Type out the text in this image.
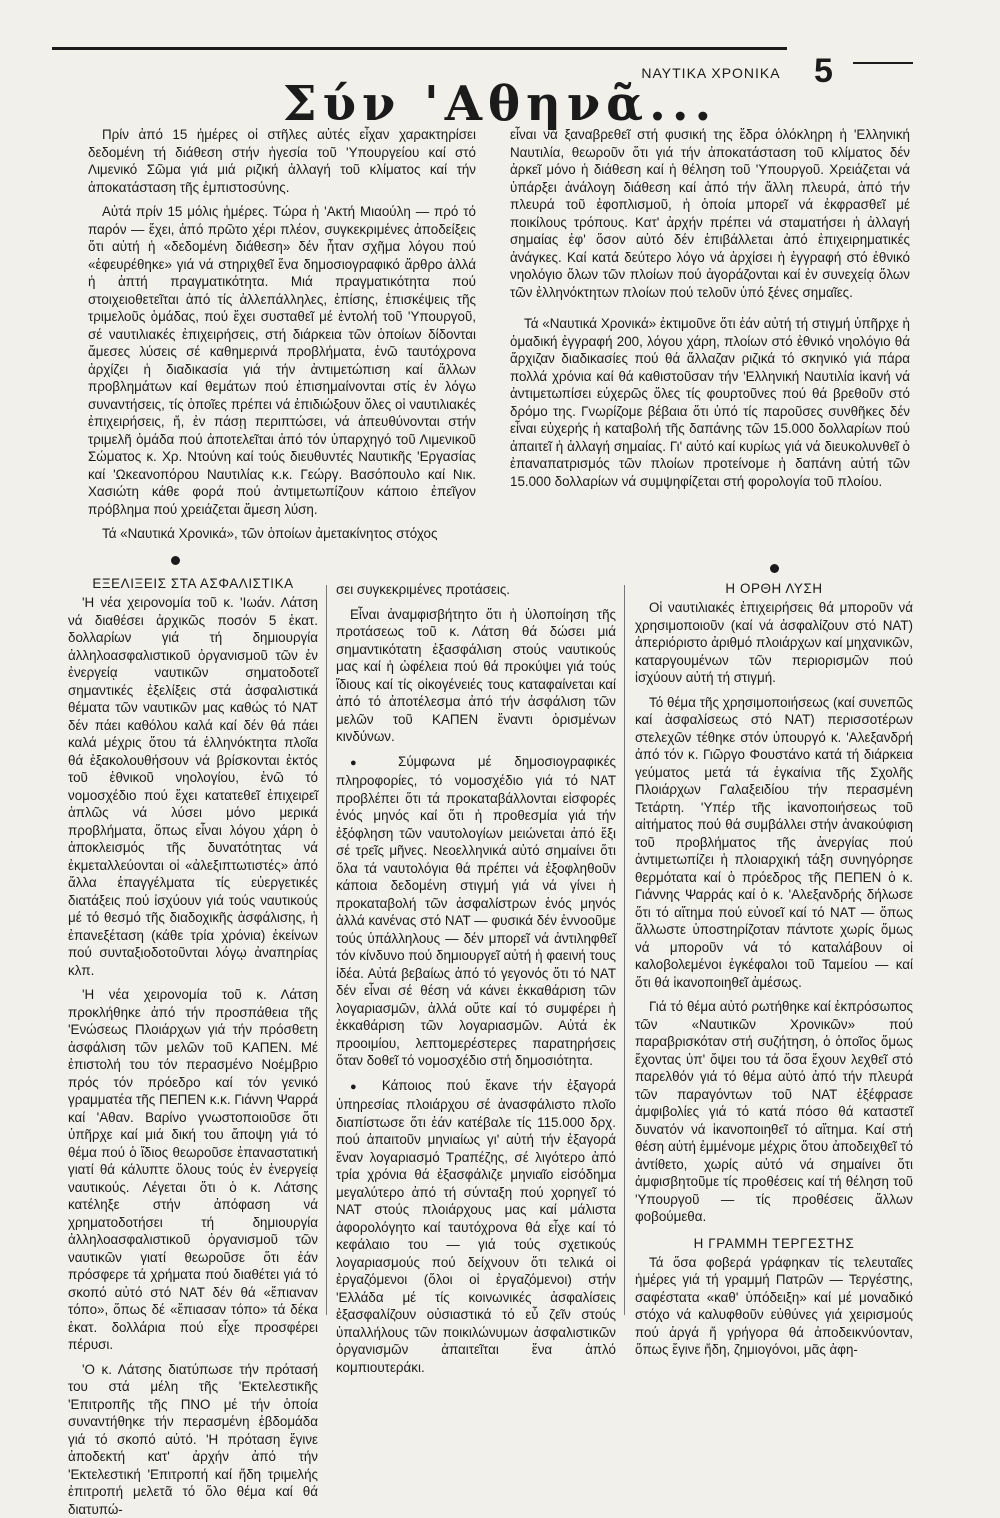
ΝΑΥΤΙΚΑ ΧΡΟΝΙΚΑ 5
Σύν 'Αθηνᾶ...

Πρίν ἀπό 15 ἡμέρες οἱ στῆλες αὐτές εἶχαν χαρακτηρίσει δεδομένη τή διάθεση στήν ἡγεσία τοῦ 'Υπουργείου καί στό Λιμενικό Σῶμα γιά μιά ριζική ἀλλαγή τοῦ κλίματος καί τήν ἀποκατάσταση τῆς ἐμπιστοσύνης.

Αὐτά πρίν 15 μόλις ἡμέρες. Τώρα ἡ 'Ακτή Μιαούλη — πρό τό παρόν — ἔχει, ἀπό πρῶτο χέρι πλέον, συγκεκριμένες ἀποδείξεις ὅτι αὐτή ἡ «δεδομένη διάθεση» δέν ἦταν σχῆμα λόγου πού «ἐφευρέθηκε» γιά νά στηριχθεῖ ἕνα δημοσιογραφικό ἄρθρο ἀλλά ἡ ἁπτή πραγματικότητα. Μιά πραγματικότητα πού στοιχειοθετεῖται ἀπό τίς ἀλλεπάλληλες, ἐπίσης, ἐπισκέψεις τῆς τριμελοῦς ὁμάδας, πού ἔχει συσταθεῖ μέ ἐντολή τοῦ 'Υπουργοῦ, σέ ναυτιλιακές ἐπιχειρήσεις, στή διάρκεια τῶν ὁποίων δίδονται ἄμεσες λύσεις σέ καθημερινά προβλήματα, ἐνῶ ταυτόχρονα ἀρχίζει ἡ διαδικασία γιά τήν ἀντιμετώπιση καί ἄλλων προβλημάτων καί θεμάτων πού ἐπισημαίνονται στίς ἐν λόγω συναντήσεις, τίς ὁποῖες πρέπει νά ἐπιδιώξουν ὅλες οἱ ναυτιλιακές ἐπιχειρήσεις, ἤ, ἐν πάσῃ περιπτώσει, νά ἀπευθύνονται στήν τριμελῆ ὁμάδα πού ἀποτελεῖται ἀπό τόν ὑπαρχηγό τοῦ Λιμενικοῦ Σώματος κ. Χρ. Ντούνη καί τούς διευθυντές Ναυτικῆς 'Εργασίας καί 'Ωκεανοπόρου Ναυτιλίας κ.κ. Γεώργ. Βασόπουλο καί Νικ. Χασιώτη κάθε φορά πού ἀντιμετωπίζουν κάποιο ἐπεῖγον πρόβλημα πού χρειάζεται ἄμεση λύση.

Τά «Ναυτικά Χρονικά», τῶν ὁποίων ἀμετακίνητος στόχος

εἶναι νά ξαναβρεθεῖ στή φυσική της ἕδρα ὁλόκληρη ἡ 'Ελληνική Ναυτιλία, θεωροῦν ὅτι γιά τήν ἀποκατάσταση τοῦ κλίματος δέν ἀρκεῖ μόνο ἡ διάθεση καί ἡ θέληση τοῦ 'Υπουργοῦ. Χρειάζεται νά ὑπάρξει ἀνάλογη διάθεση καί ἀπό τήν ἄλλη πλευρά, ἀπό τήν πλευρά τοῦ ἐφοπλισμοῦ, ἡ ὁποία μπορεῖ νά ἐκφρασθεῖ μέ ποικίλους τρόπους. Κατ' ἀρχήν πρέπει νά σταματήσει ἡ ἀλλαγή σημαίας ἐφ' ὅσον αὐτό δέν ἐπιβάλλεται ἀπό ἐπιχειρηματικές ἀνάγκες. Καί κατά δεύτερο λόγο νά ἀρχίσει ἡ ἐγγραφή στό ἐθνικό νηολόγιο ὅλων τῶν πλοίων πού ἀγοράζονται καί ἐν συνεχείᾳ ὅλων τῶν ἑλληνόκτητων πλοίων πού τελοῦν ὑπό ξένες σημαῖες.

Τά «Ναυτικά Χρονικά» ἐκτιμοῦνε ὅτι ἐάν αὐτή τή στιγμή ὑπῆρχε ἡ ὁμαδική ἐγγραφή 200, λόγου χάρη, πλοίων στό ἐθνικό νηολόγιο θά ἄρχιζαν διαδικασίες πού θά ἄλλαζαν ριζικά τό σκηνικό γιά πάρα πολλά χρόνια καί θά καθιστοῦσαν τήν 'Ελληνική Ναυτιλία ἱκανή νά ἀντιμετωπίσει εὐχερῶς ὅλες τίς φουρτοῦνες πού θά βρεθοῦν στό δρόμο της. Γνωρίζομε βέβαια ὅτι ὑπό τίς παροῦσες συνθῆκες δέν εἶναι εὐχερής ἡ καταβολή τῆς δαπάνης τῶν 15.000 δολλαρίων πού ἀπαιτεῖ ἡ ἀλλαγή σημαίας. Γι' αὐτό καί κυρίως γιά νά διευκολυνθεῖ ὁ ἐπαναπατρισμός τῶν πλοίων προτείνομε ἡ δαπάνη αὐτή τῶν 15.000 δολλαρίων νά συμψηφίζεται στή φορολογία τοῦ πλοίου.

ΕΞΕΛΙΞΕΙΣ ΣΤΑ ΑΣΦΑΛΙΣΤΙΚΑ

'Η νέα χειρονομία τοῦ κ. 'Ιωάν. Λάτση νά διαθέσει ἀρχικῶς ποσόν 5 ἑκατ. δολλαρίων γιά τή δημιουργία ἀλληλοασφαλιστικοῦ ὀργανισμοῦ τῶν ἐν ἐνεργείᾳ ναυτικῶν σηματοδοτεῖ σημαντικές ἐξελίξεις στά ἀσφαλιστικά θέματα τῶν ναυτικῶν μας καθώς τό ΝΑΤ δέν πάει καθόλου καλά καί δέν θά πάει καλά μέχρις ὅτου τά ἑλληνόκτητα πλοῖα θά ἐξακολουθήσουν νά βρίσκονται ἐκτός τοῦ ἐθνικοῦ νηολογίου, ἐνῶ τό νομοσχέδιο πού ἔχει κατατεθεῖ ἐπιχειρεῖ ἁπλῶς νά λύσει μόνο μερικά προβλήματα, ὅπως εἶναι λόγου χάρη ὁ ἀποκλεισμός τῆς δυνατότητας νά ἐκμεταλλεύονται οἱ «ἀλεξιπτωτιστές» ἀπό ἄλλα ἐπαγγέλματα τίς εὐεργετικές διατάξεις πού ἰσχύουν γιά τούς ναυτικούς μέ τό θεσμό τῆς διαδοχικῆς ἀσφάλισης, ἡ ἐπανεξέταση (κάθε τρία χρόνια) ἐκείνων πού συνταξιοδοτοῦνται λόγῳ ἀναπηρίας κλπ.

'Η νέα χειρονομία τοῦ κ. Λάτση προκλήθηκε ἀπό τήν προσπάθεια τῆς 'Ενώσεως Πλοιάρχων γιά τήν πρόσθετη ἀσφάλιση τῶν μελῶν τοῦ ΚΑΠΕΝ. Μέ ἐπιστολή του τόν περασμένο Νοέμβριο πρός τόν πρόεδρο καί τόν γενικό γραμματέα τῆς ΠΕΠΕΝ κ.κ. Γιάννη Ψαρρά καί 'Αθαν. Βαρίνο γνωστοποιοῦσε ὅτι ὑπῆρχε καί μιά δική του ἄποψη γιά τό θέμα πού ὁ ἴδιος θεωροῦσε ἐπαναστατική γιατί θά κάλυπτε ὅλους τούς ἐν ἐνεργείᾳ ναυτικούς. Λέγεται ὅτι ὁ κ. Λάτσης κατέληξε στήν ἀπόφαση νά χρηματοδοτήσει τή δημιουργία ἀλληλοασφαλιστικοῦ ὀργανισμοῦ τῶν ναυτικῶν γιατί θεωροῦσε ὅτι ἐάν πρόσφερε τά χρήματα πού διαθέτει γιά τό σκοπό αὐτό στό ΝΑΤ δέν θά «ἔπιαναν τόπο», ὅπως δέ «ἔπιασαν τόπο» τά δέκα ἑκατ. δολλάρια πού εἶχε προσφέρει πέρυσι.

'Ο κ. Λάτσης διατύπωσε τήν πρότασή του στά μέλη τῆς 'Εκτελεστικῆς 'Επιτροπῆς τῆς ΠΝΟ μέ τήν ὁποία συναντήθηκε τήν περασμένη ἑβδομάδα γιά τό σκοπό αὐτό. 'Η πρόταση ἔγινε ἀποδεκτή κατ' ἀρχήν ἀπό τήν 'Εκτελεστική 'Επιτροπή καί ἤδη τριμελής ἐπιτροπή μελετᾶ τό ὅλο θέμα καί θά διατυπώ-

σει συγκεκριμένες προτάσεις.

Εἶναι ἀναμφισβήτητο ὅτι ἡ ὑλοποίηση τῆς προτάσεως τοῦ κ. Λάτση θά δώσει μιά σημαντικότατη ἐξασφάλιση στούς ναυτικούς μας καί ἡ ὠφέλεια πού θά προκύψει γιά τούς ἴδιους καί τίς οἰκογένειές τους καταφαίνεται καί ἀπό τό ἀποτέλεσμα ἀπό τήν ἀσφάλιση τῶν μελῶν τοῦ ΚΑΠΕΝ ἔναντι ὁρισμένων κινδύνων.

● Σύμφωνα μέ δημοσιογραφικές πληροφορίες, τό νομοσχέδιο γιά τό ΝΑΤ προβλέπει ὅτι τά προκαταβάλλονται εἰσφορές ἑνός μηνός καί ὅτι ἡ προθεσμία γιά τήν ἐξόφληση τῶν ναυτολογίων μειώνεται ἀπό ἕξι σέ τρεῖς μῆνες. Νεοελληνικά αὐτό σημαίνει ὅτι ὅλα τά ναυτολόγια θά πρέπει νά ἐξοφληθοῦν κάποια δεδομένη στιγμή γιά νά γίνει ἡ προκαταβολή τῶν ἀσφαλίστρων ἑνός μηνός ἀλλά κανένας στό ΝΑΤ — φυσικά δέν ἐννοοῦμε τούς ὑπάλληλους — δέν μπορεῖ νά ἀντιληφθεῖ τόν κίνδυνο πού δημιουργεῖ αὐτή ἡ φαεινή τους ἰδέα. Αὐτά βεβαίως ἀπό τό γεγονός ὅτι τό ΝΑΤ δέν εἶναι σέ θέση νά κάνει ἐκκαθάριση τῶν λογαριασμῶν, ἀλλά οὔτε καί τό συμφέρει ἡ ἐκκαθάριση τῶν λογαριασμῶν. Αὐτά ἐκ προοιμίου, λεπτομερέστερες παρατηρήσεις ὅταν δοθεῖ τό νομοσχέδιο στή δημοσιότητα.

● Κάποιος πού ἔκανε τήν ἐξαγορά ὑπηρεσίας πλοιάρχου σέ ἀνασφάλιστο πλοῖο διαπίστωσε ὅτι ἐάν κατέβαλε τίς 115.000 δρχ. πού ἀπαιτοῦν μηνιαίως γι' αὐτή τήν ἐξαγορά ἕναν λογαριασμό Τραπέζης, σέ λιγότερο ἀπό τρία χρόνια θά ἐξασφάλιζε μηνιαῖο εἰσόδημα μεγαλύτερο ἀπό τή σύνταξη πού χορηγεῖ τό ΝΑΤ στούς πλοιάρχους μας καί μάλιστα ἀφορολόγητο καί ταυτόχρονα θά εἶχε καί τό κεφάλαιο του — γιά τούς σχετικούς λογαριασμούς πού δείχνουν ὅτι τελικά οἱ ἐργαζόμενοι (ὅλοι οἱ ἐργαζόμενοι) στήν 'Ελλάδα μέ τίς κοινωνικές ἀσφαλίσεις ἐξασφαλίζουν οὐσιαστικά τό εὖ ζεῖν στούς ὑπαλλήλους τῶν ποικιλώνυμων ἀσφαλιστικῶν ὀργανισμῶν ἀπαιτεῖται ἕνα ἁπλό κομπιουτεράκι.

Η ΟΡΘΗ ΛΥΣΗ

Οἱ ναυτιλιακές ἐπιχειρήσεις θά μποροῦν νά χρησιμοποιοῦν (καί νά ἀσφαλίζουν στό ΝΑΤ) ἀπεριόριστο ἀριθμό πλοιάρχων καί μηχανικῶν, καταργουμένων τῶν περιορισμῶν πού ἰσχύουν αὐτή τή στιγμή.

Τό θέμα τῆς χρησιμοποιήσεως (καί συνεπῶς καί ἀσφαλίσεως στό ΝΑΤ) περισσοτέρων στελεχῶν τέθηκε στόν ὑπουργό κ. 'Αλεξανδρή ἀπό τόν κ. Γιῶργο Φουστάνο κατά τή διάρκεια γεύματος μετά τά ἐγκαίνια τῆς Σχολῆς Πλοιάρχων Γαλαξειδίου τήν περασμένη Τετάρτη. 'Υπέρ τῆς ἱκανοποιήσεως τοῦ αἰτήματος πού θά συμβάλλει στήν ἀνακούφιση τοῦ προβλήματος τῆς ἀνεργίας πού ἀντιμετωπίζει ἡ πλοιαρχική τάξη συνηγόρησε θερμότατα καί ὁ πρόεδρος τῆς ΠΕΠΕΝ ὁ κ. Γιάννης Ψαρράς καί ὁ κ. 'Αλεξανδρής δήλωσε ὅτι τό αἴτημα πού εὐνοεῖ καί τό ΝΑΤ — ὅπως ἄλλωστε ὑποστηρίζοταν πάντοτε χωρίς ὅμως νά μποροῦν νά τό καταλάβουν οἱ καλοβολεμένοι ἐγκέφαλοι τοῦ Ταμείου — καί ὅτι θά ἱκανοποιηθεῖ ἀμέσως.

Γιά τό θέμα αὐτό ρωτήθηκε καί ἐκπρόσωπος τῶν «Ναυτικῶν Χρονικῶν» πού παραβρισκόταν στή συζήτηση, ὁ ὁποῖος ὅμως ἔχοντας ὑπ' ὄψει του τά ὅσα ἔχουν λεχθεῖ στό παρελθόν γιά τό θέμα αὐτό ἀπό τήν πλευρά τῶν παραγόντων τοῦ ΝΑΤ ἐξέφρασε ἀμφιβολίες γιά τό κατά πόσο θά καταστεῖ δυνατόν νά ἱκανοποιηθεῖ τό αἴτημα. Καί στή θέση αὐτή ἐμμένομε μέχρις ὅτου ἀποδειχθεῖ τό ἀντίθετο, χωρίς αὐτό νά σημαίνει ὅτι ἀμφισβητοῦμε τίς προθέσεις καί τή θέληση τοῦ 'Υπουργοῦ — τίς προθέσεις ἄλλων φοβούμεθα.

Η ΓΡΑΜΜΗ ΤΕΡΓΕΣΤΗΣ

Τά ὅσα φοβερά γράφηκαν τίς τελευταῖες ἡμέρες γιά τή γραμμή Πατρῶν — Τεργέστης, σαφέστατα «καθ' ὑπόδειξη» καί μέ μοναδικό στόχο νά καλυφθοῦν εὐθύνες γιά χειρισμούς πού ἀργά ἤ γρήγορα θά ἀποδεικνύονταν, ὅπως ἔγινε ἤδη, ζημιογόνοι, μᾶς ἀφη-
